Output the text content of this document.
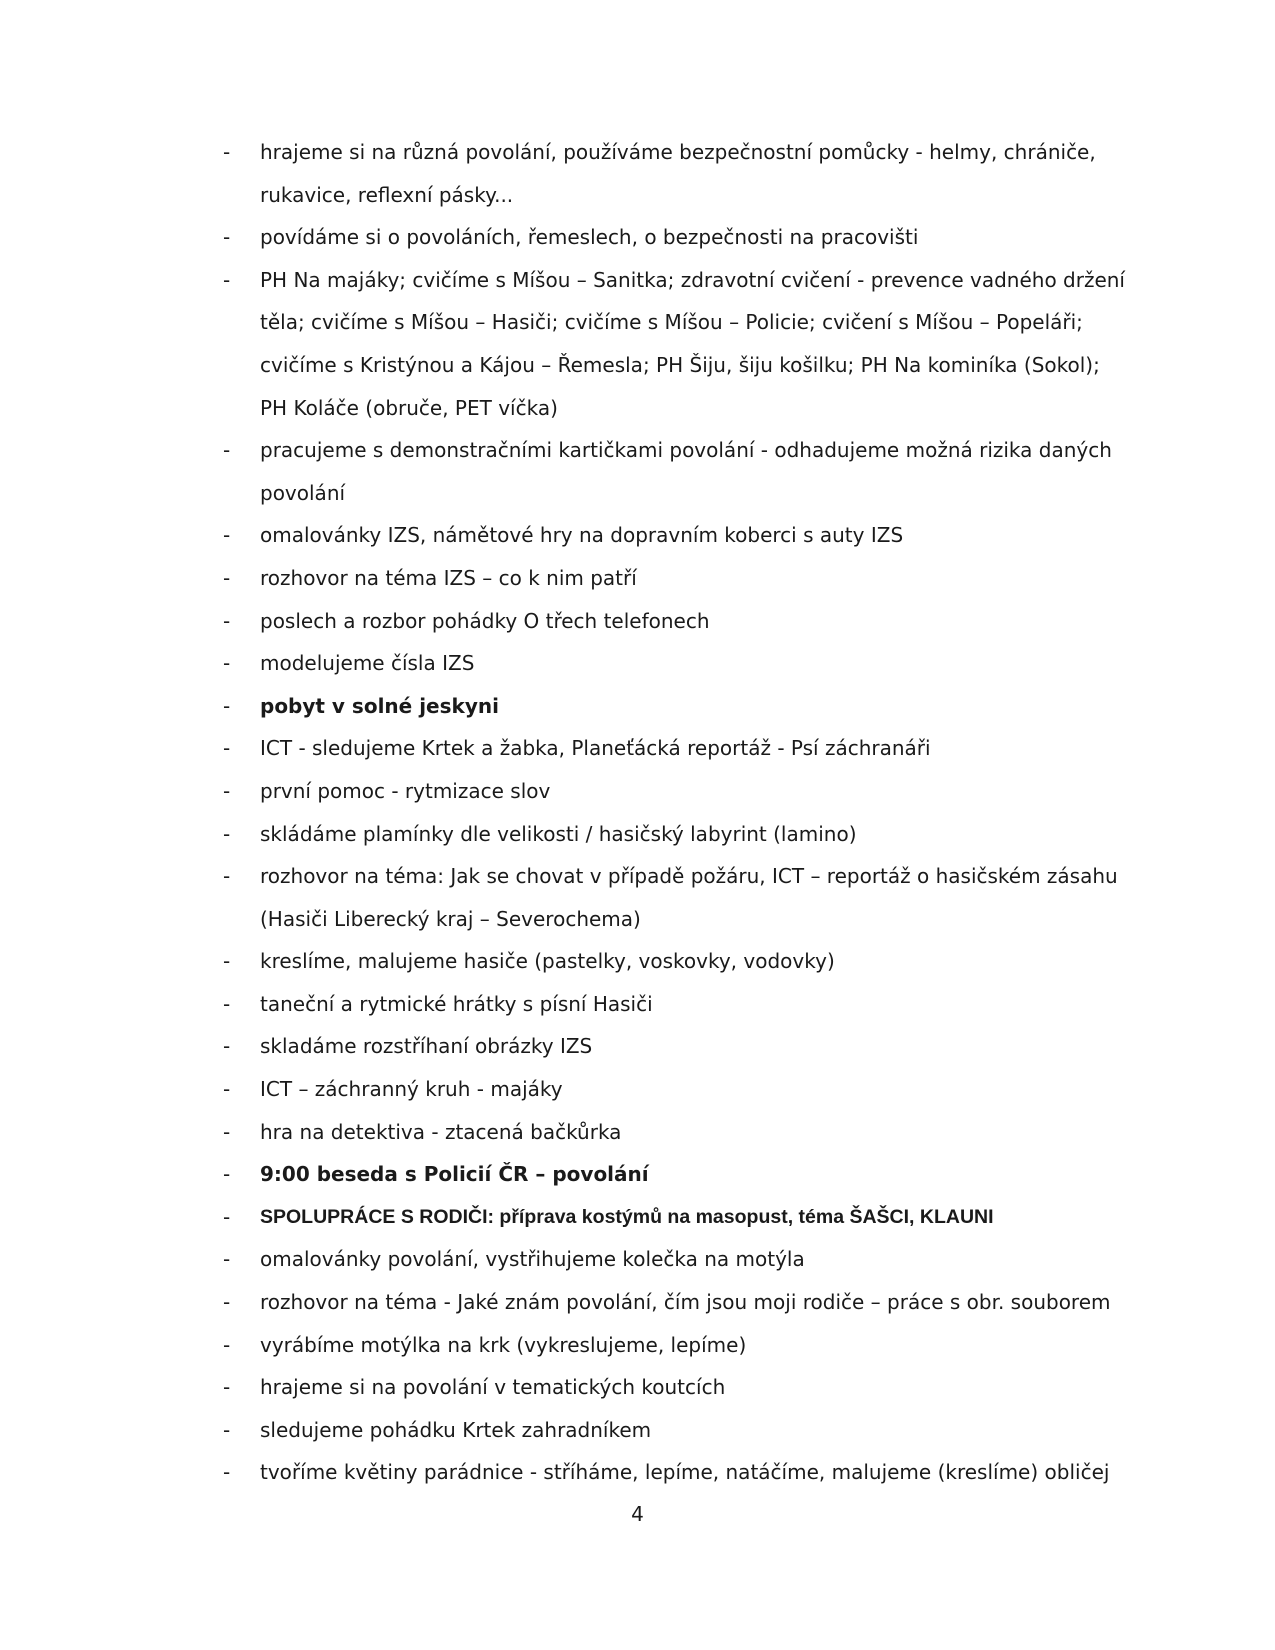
-	hrajeme si na různá povolání, používáme bezpečnostní pomůcky - helmy, chrániče,
rukavice, reflexní pásky...
-	povídáme si o povoláních, řemeslech, o bezpečnosti na pracovišti
-	PH Na majáky; cvičíme s Míšou – Sanitka; zdravotní cvičení - prevence vadného držení
těla; cvičíme s Míšou – Hasiči; cvičíme s Míšou – Policie; cvičení s Míšou – Popeláři;
cvičíme s Kristýnou a Kájou – Řemesla; PH Šiju, šiju košilku; PH Na kominíka (Sokol);
PH Koláče (obruče, PET víčka)
-	pracujeme s demonstračními kartičkami povolání - odhadujeme možná rizika daných
povolání
-	omalovánky IZS, námětové hry na dopravním koberci s auty IZS
-	rozhovor na téma IZS – co k nim patří
-	poslech a rozbor pohádky O třech telefonech
-	modelujeme čísla IZS
-	pobyt v solné jeskyni
-	ICT - sledujeme Krtek a žabka, Planeťácká reportáž - Psí záchranáři
-	první pomoc - rytmizace slov
-	skládáme plamínky dle velikosti / hasičský labyrint (lamino)
-	rozhovor na téma: Jak se chovat v případě požáru, ICT – reportáž o hasičském zásahu
(Hasiči Liberecký kraj – Severochema)
-	kreslíme, malujeme hasiče (pastelky, voskovky, vodovky)
-	taneční a rytmické hrátky s písní Hasiči
-	skladáme rozstříhaní obrázky IZS
-	ICT – záchranný kruh - majáky
-	hra na detektiva - ztacená bačkůrka
-	9:00 beseda s Policií ČR – povolání
-	SPOLUPRÁCE S RODIČI: příprava kostýmů na masopust, téma ŠAŠCI, KLAUNI
-	omalovánky povolání, vystřihujeme kolečka na motýla
-	rozhovor na téma - Jaké znám povolání, čím jsou moji rodiče – práce s obr. souborem
-	vyrábíme motýlka na krk (vykreslujeme, lepíme)
-	hrajeme si na povolání v tematických koutcích
-	sledujeme pohádku Krtek zahradníkem
-	tvoříme květiny parádnice - stříháme, lepíme, natáčíme, malujeme (kreslíme) obličej
4
